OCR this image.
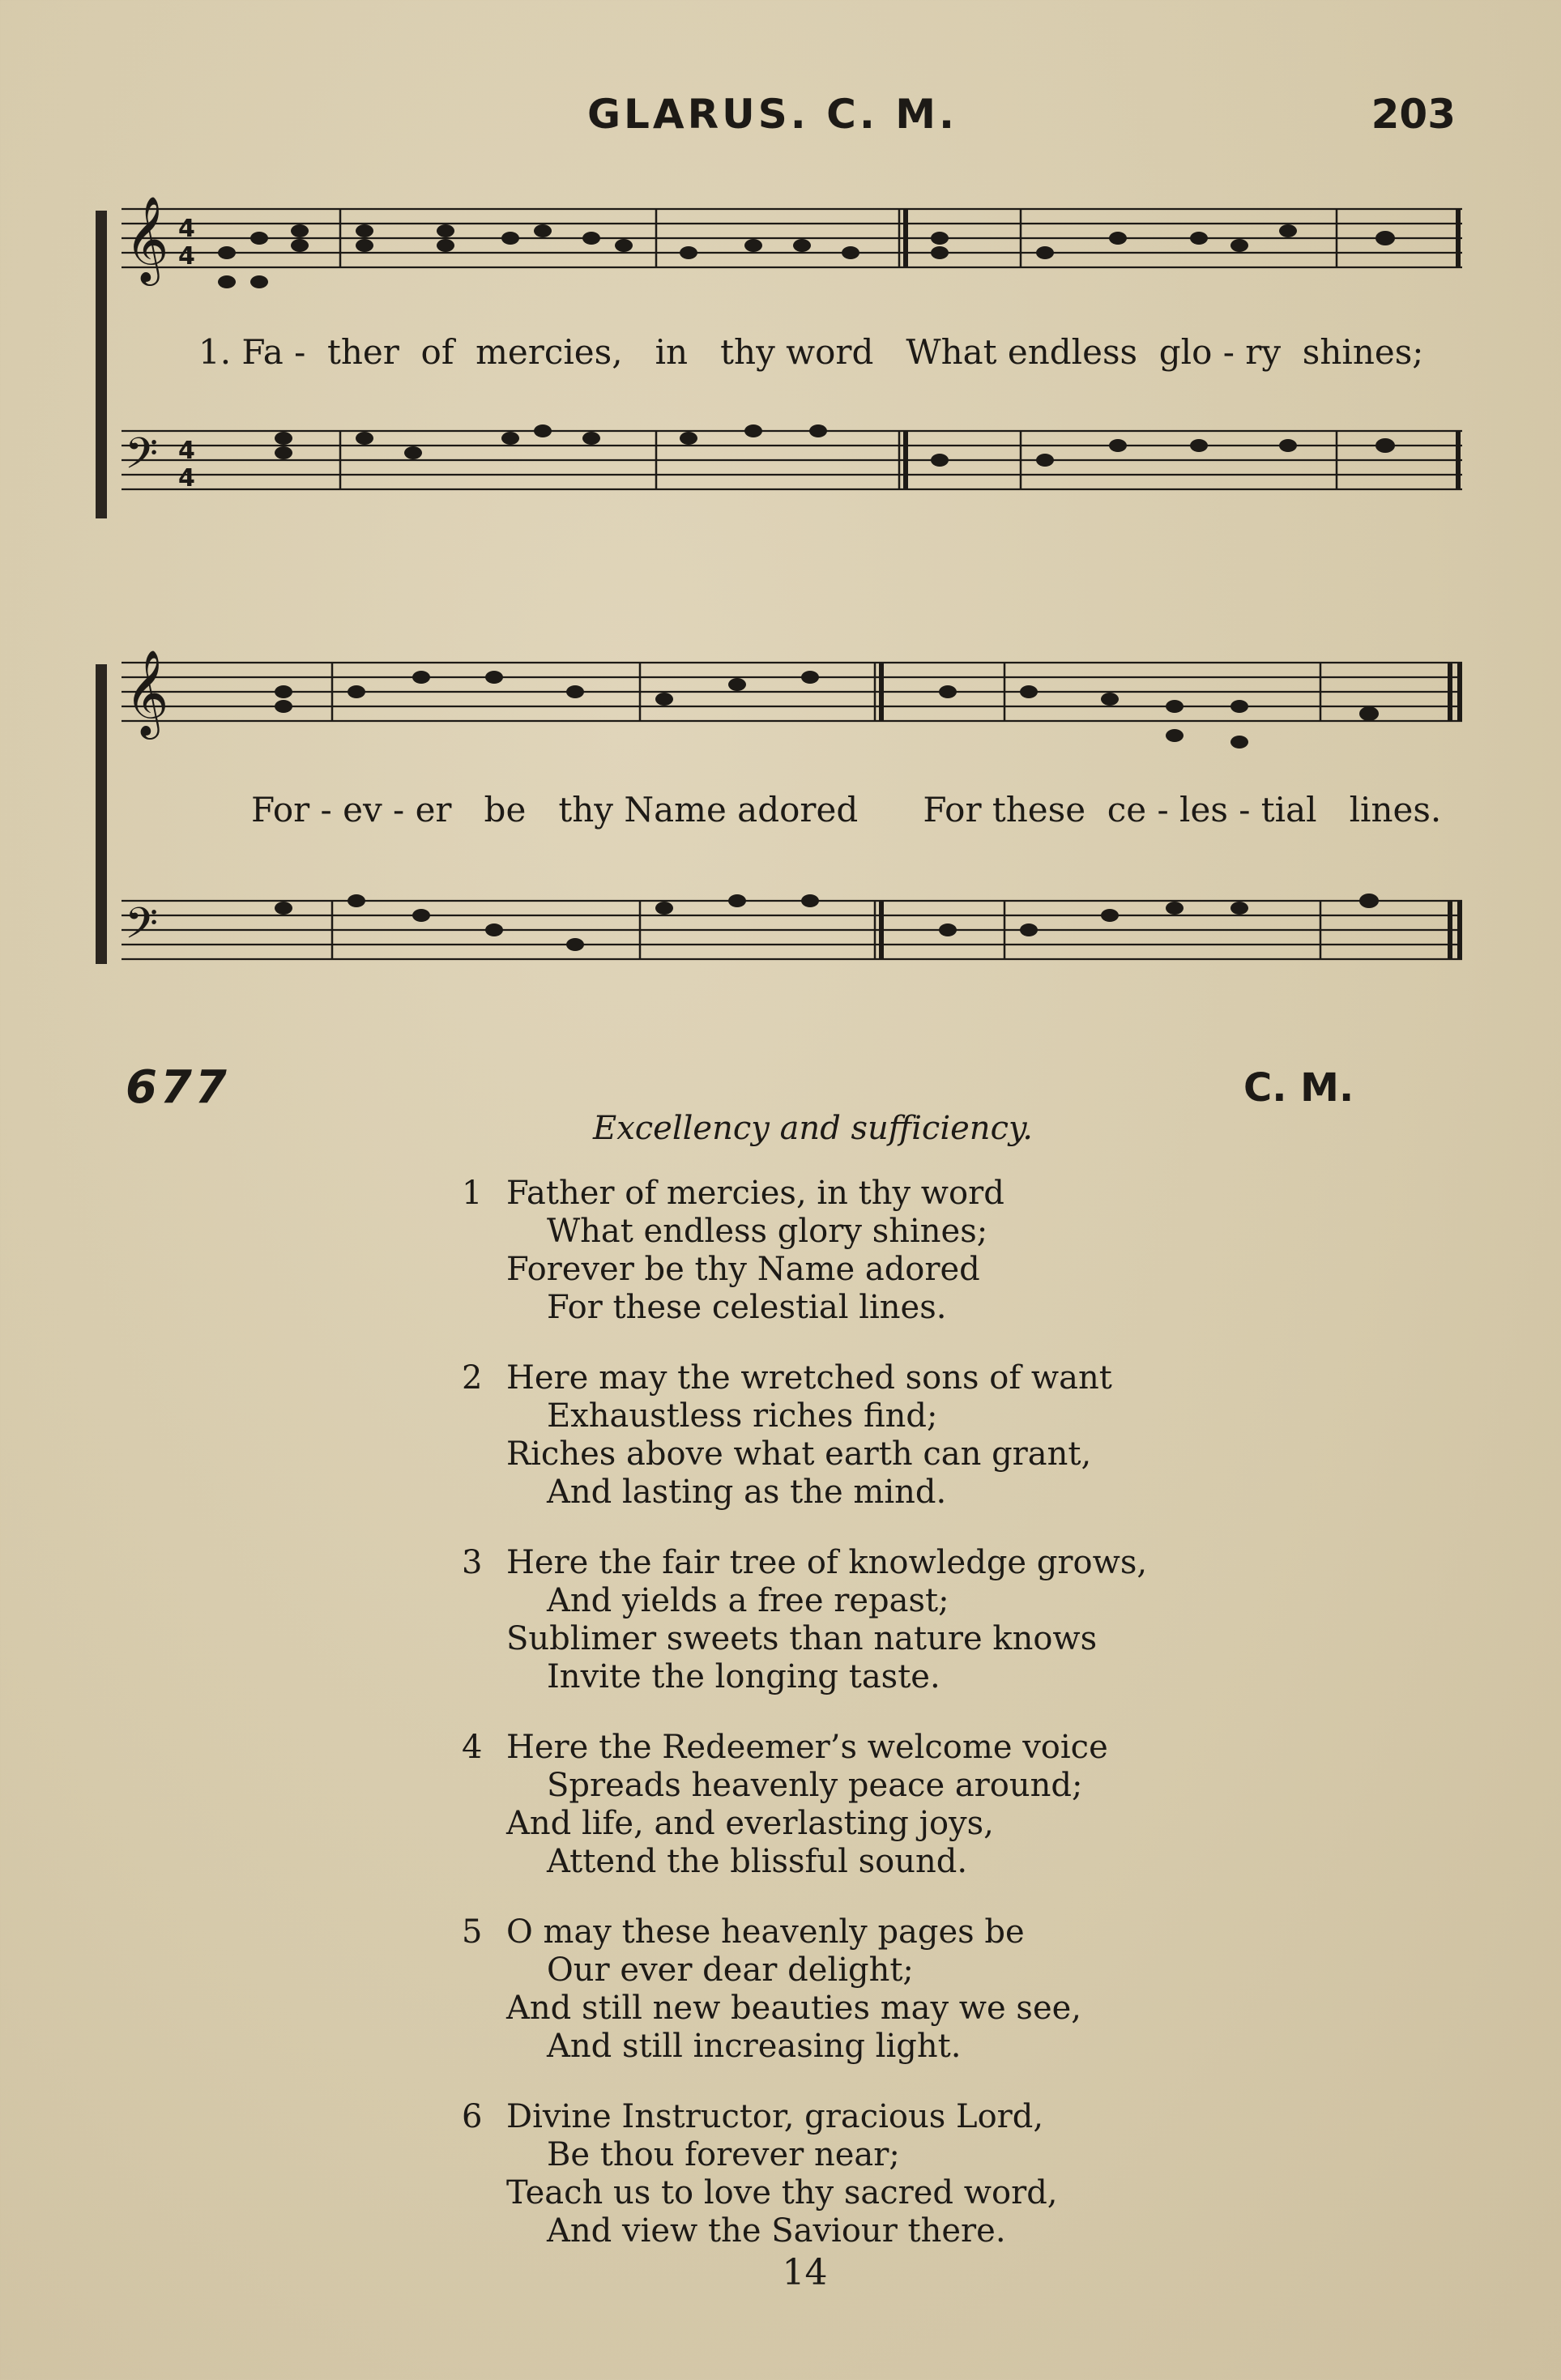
GLARUS. C. M.	203
𝄞
𝄢
4
4
4
4
1. Fa -  ther  of  mercies,   in   thy word   What endless  glo - ry  shines;
𝄞
𝄢
For - ev - er   be   thy Name adored      For these  ce - les - tial   lines.
677	C. M.
Excellency and sufficiency.
1 Father of mercies, in thy word
What endless glory shines;
Forever be thy Name adored
For these celestial lines.
2 Here may the wretched sons of want
Exhaustless riches find;
Riches above what earth can grant,
And lasting as the mind.
3 Here the fair tree of knowledge grows,
And yields a free repast;
Sublimer sweets than nature knows
Invite the longing taste.
4 Here the Redeemer’s welcome voice
Spreads heavenly peace around;
And life, and everlasting joys,
Attend the blissful sound.
5 O may these heavenly pages be
Our ever dear delight;
And still new beauties may we see,
And still increasing light.
6 Divine Instructor, gracious Lord,
Be thou forever near;
Teach us to love thy sacred word,
And view the Saviour there.
14
